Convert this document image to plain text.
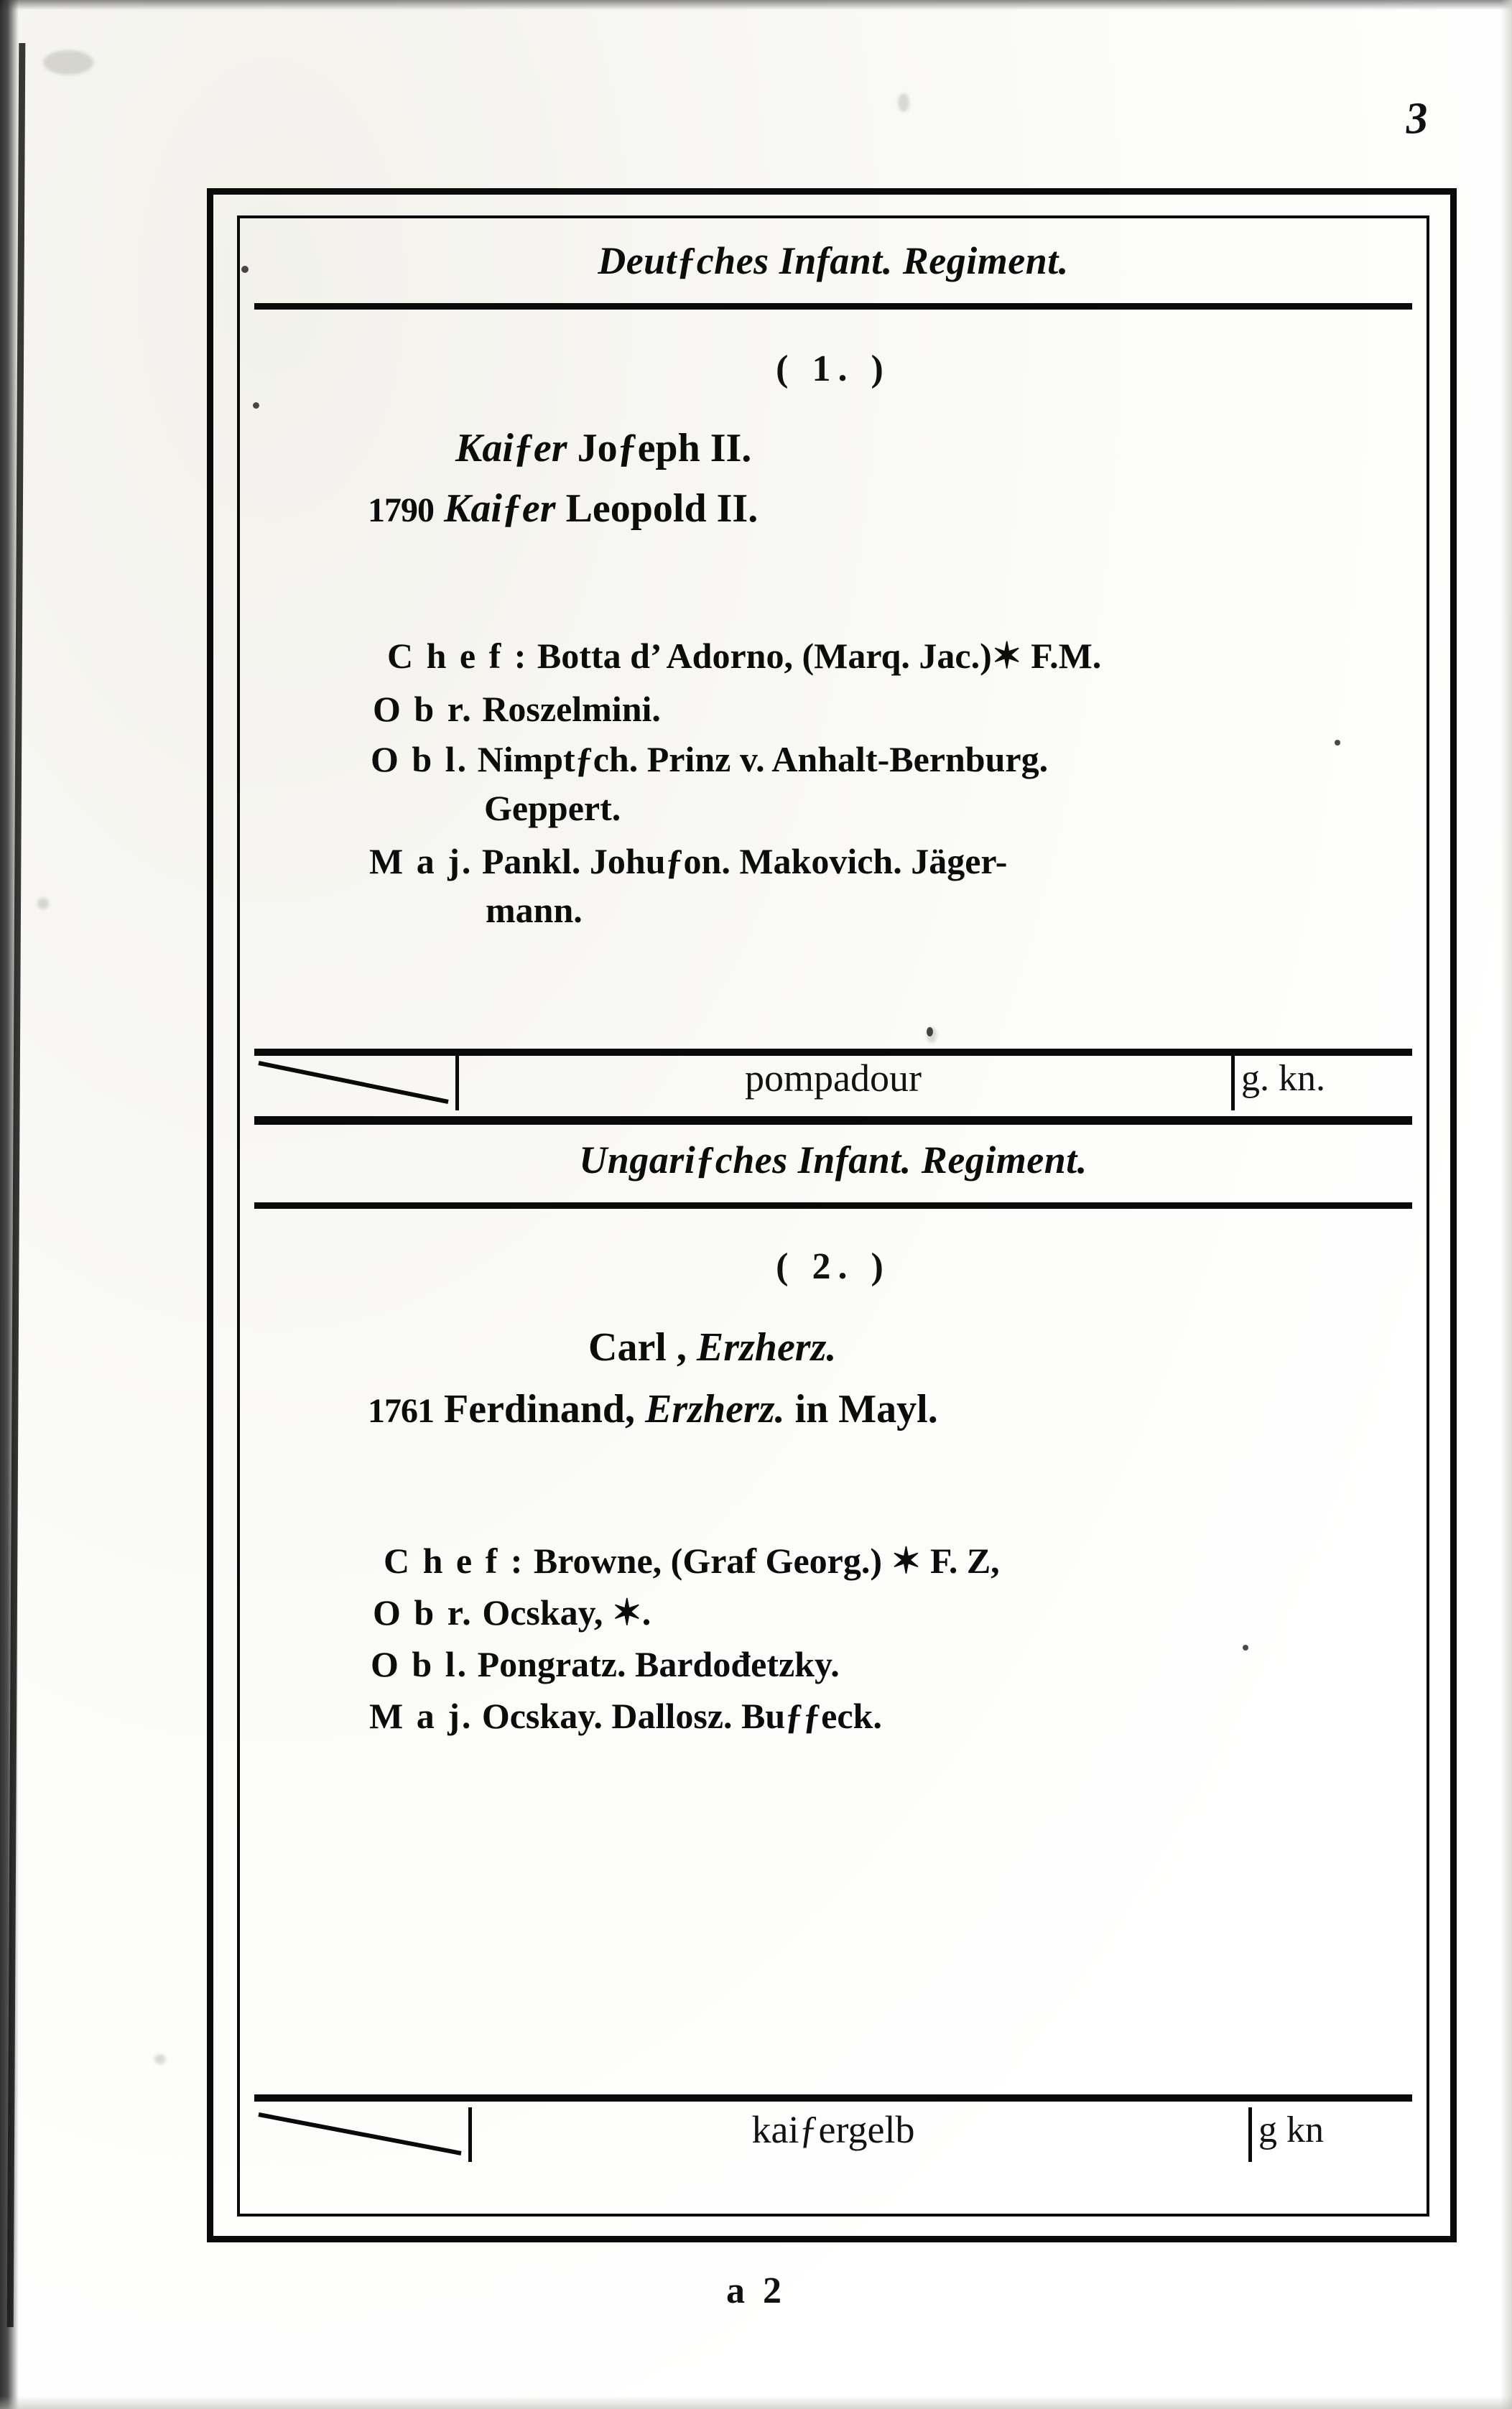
3
Deutƒches Infant. Regiment.
( 1. )
Kaiƒer Joƒeph II.
1790 Kaiƒer Leopold II.
C h e f : Botta d’ Adorno, (Marq. Jac.)✶ F.M.
O b r. Roszelmini.
O b l. Nimptƒch. Prinz v. Anhalt-Bernburg.
Geppert.
M a j. Pankl. Johuƒon. Makovich. Jäger-
mann.
pompadour	g. kn.
Ungariƒches Infant. Regiment.
( 2. )
Carl , Erzherz.
1761 Ferdinand, Erzherz. in Mayl.
C h e f : Browne, (Graf Georg.) ✶ F. Z,
O b r. Ocskay, ✶.
O b l. Pongratz. Bardođetzky.
M a j. Ocskay. Dallosz. Buƒƒeck.
kaiƒergelb	g kn
a 2
